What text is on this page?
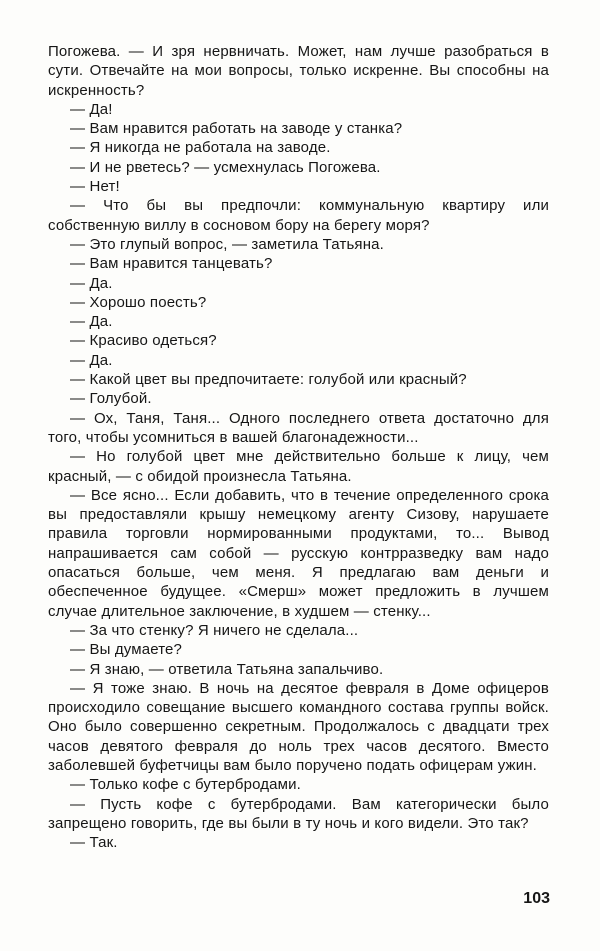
Погожева. — И зря нервничать. Может, нам лучше разобраться в сути. Отвечайте на мои вопросы, только искренне. Вы способны на искренность?

— Да!

— Вам нравится работать на заводе у станка?

— Я никогда не работала на заводе.

— И не рветесь? — усмехнулась Погожева.

— Нет!

— Что бы вы предпочли: коммунальную квартиру или собственную виллу в сосновом бору на берегу моря?

— Это глупый вопрос, — заметила Татьяна.

— Вам нравится танцевать?

— Да.

— Хорошо поесть?

— Да.

— Красиво одеться?

— Да.

— Какой цвет вы предпочитаете: голубой или красный?

— Голубой.

— Ох, Таня, Таня... Одного последнего ответа достаточно для того, чтобы усомниться в вашей благонадежности...

— Но голубой цвет мне действительно больше к лицу, чем красный, — с обидой произнесла Татьяна.

— Все ясно... Если добавить, что в течение определенного срока вы предоставляли крышу немецкому агенту Сизову, нарушаете правила торговли нормированными продуктами, то... Вывод напрашивается сам собой — русскую контрразведку вам надо опасаться больше, чем меня. Я предлагаю вам деньги и обеспеченное будущее. «Смерш» может предложить в лучшем случае длительное заключение, в худшем — стенку...

— За что стенку? Я ничего не сделала...

— Вы думаете?

— Я знаю, — ответила Татьяна запальчиво.

— Я тоже знаю. В ночь на десятое февраля в Доме офицеров происходило совещание высшего командного состава группы войск. Оно было совершенно секретным. Продолжалось с двадцати трех часов девятого февраля до ноль трех часов десятого. Вместо заболевшей буфетчицы вам было поручено подать офицерам ужин.

— Только кофе с бутербродами.

— Пусть кофе с бутербродами. Вам категорически было запрещено говорить, где вы были в ту ночь и кого видели. Это так?

— Так.

103
